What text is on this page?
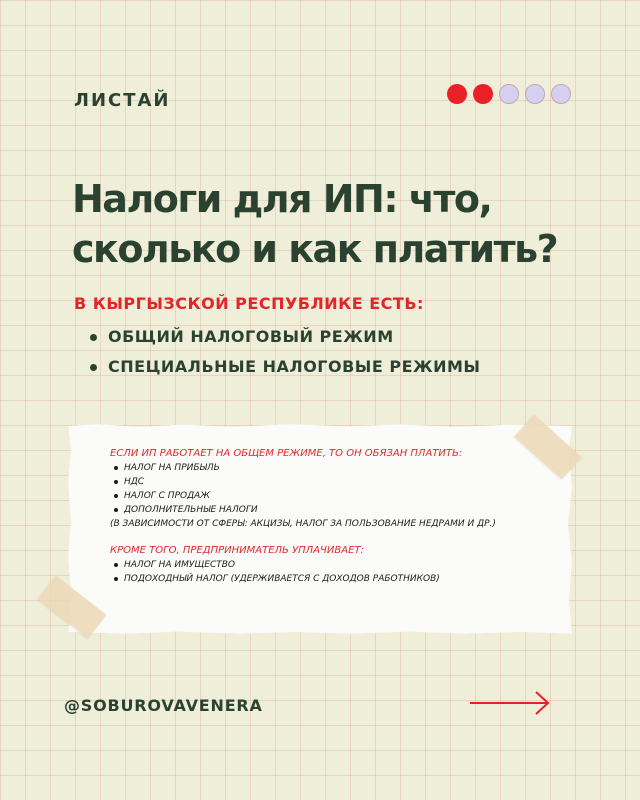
ЛИСТАЙ
Налоги для ИП: что,
сколько и как платить?
В КЫРГЫЗСКОЙ РЕСПУБЛИКЕ ЕСТЬ:
ОБЩИЙ НАЛОГОВЫЙ РЕЖИМ
СПЕЦИАЛЬНЫЕ НАЛОГОВЫЕ РЕЖИМЫ
ЕСЛИ ИП РАБОТАЕТ НА ОБЩЕМ РЕЖИМЕ, ТО ОН ОБЯЗАН ПЛАТИТЬ:
НАЛОГ НА ПРИБЫЛЬ
НДС
НАЛОГ С ПРОДАЖ
ДОПОЛНИТЕЛЬНЫЕ НАЛОГИ
(В ЗАВИСИМОСТИ ОТ СФЕРЫ: АКЦИЗЫ, НАЛОГ ЗА ПОЛЬЗОВАНИЕ НЕДРАМИ И ДР.)
КРОМЕ ТОГО, ПРЕДПРИНИМАТЕЛЬ УПЛАЧИВАЕТ:
НАЛОГ НА ИМУЩЕСТВО
ПОДОХОДНЫЙ НАЛОГ (УДЕРЖИВАЕТСЯ С ДОХОДОВ РАБОТНИКОВ)
@SOBUROVAVENERA
